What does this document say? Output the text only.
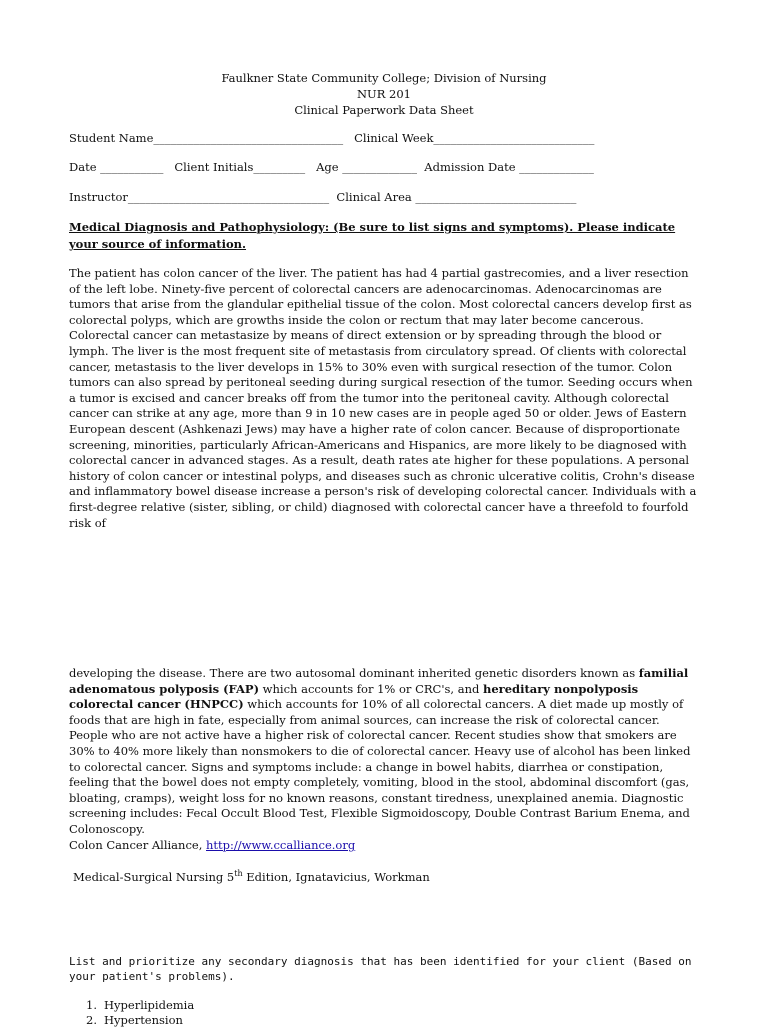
Faulkner State Community College; Division of Nursing
NUR 201
Clinical Paperwork Data Sheet
Student Name_________________________________   Clinical Week____________________________
Date ___________   Client Initials_________   Age _____________  Admission Date _____________
Instructor___________________________________  Clinical Area ____________________________
Medical Diagnosis and Pathophysiology: (Be sure to list signs and symptoms). Please indicate your source of information.
The patient has colon cancer of the liver. The patient has had 4 partial gastrecomies, and a liver resection of the left lobe. Ninety-five percent of colorectal cancers are adenocarcinomas. Adenocarcinomas are tumors that arise from the glandular epithelial tissue of the colon. Most colorectal cancers develop first as colorectal polyps, which are growths inside the colon or rectum that may later become cancerous. Colorectal cancer can metastasize by means of direct extension or by spreading through the blood or lymph. The liver is the most frequent site of metastasis from circulatory spread. Of clients with colorectal cancer, metastasis to the liver develops in 15% to 30% even with surgical resection of the tumor. Colon tumors can also spread by peritoneal seeding during surgical resection of the tumor. Seeding occurs when a tumor is excised and cancer breaks off from the tumor into the peritoneal cavity. Although colorectal cancer can strike at any age, more than 9 in 10 new cases are in people aged 50 or older. Jews of Eastern European descent (Ashkenazi Jews) may have a higher rate of colon cancer. Because of disproportionate screening, minorities, particularly African-Americans and Hispanics, are more likely to be diagnosed with colorectal cancer in advanced stages. As a result, death rates ate higher for these populations. A personal history of colon cancer or intestinal polyps, and diseases such as chronic ulcerative colitis, Crohn's disease and inflammatory bowel disease increase a person's risk of developing colorectal cancer. Individuals with a first-degree relative (sister, sibling, or child) diagnosed with colorectal cancer have a threefold to fourfold risk of
developing the disease. There are two autosomal dominant inherited genetic disorders known as familial adenomatous polyposis (FAP) which accounts for 1% or CRC's, and hereditary nonpolyposis colorectal cancer (HNPCC) which accounts for 10% of all colorectal cancers. A diet made up mostly of foods that are high in fate, especially from animal sources, can increase the risk of colorectal cancer. People who are not active have a higher risk of colorectal cancer. Recent studies show that smokers are 30% to 40% more likely than nonsmokers to die of colorectal cancer. Heavy use of alcohol has been linked to colorectal cancer. Signs and symptoms include: a change in bowel habits, diarrhea or constipation, feeling that the bowel does not empty completely, vomiting, blood in the stool, abdominal discomfort (gas, bloating, cramps), weight loss for no known reasons, constant tiredness, unexplained anemia. Diagnostic screening includes: Fecal Occult Blood Test, Flexible Sigmoidoscopy, Double Contrast Barium Enema, and Colonoscopy.
Colon Cancer Alliance, http://www.ccalliance.org
Medical-Surgical Nursing 5th Edition, Ignatavicius, Workman
List and prioritize any secondary diagnosis that has been identified for your client (Based on your patient's problems).
1. Hyperlipidemia
2. Hypertension
